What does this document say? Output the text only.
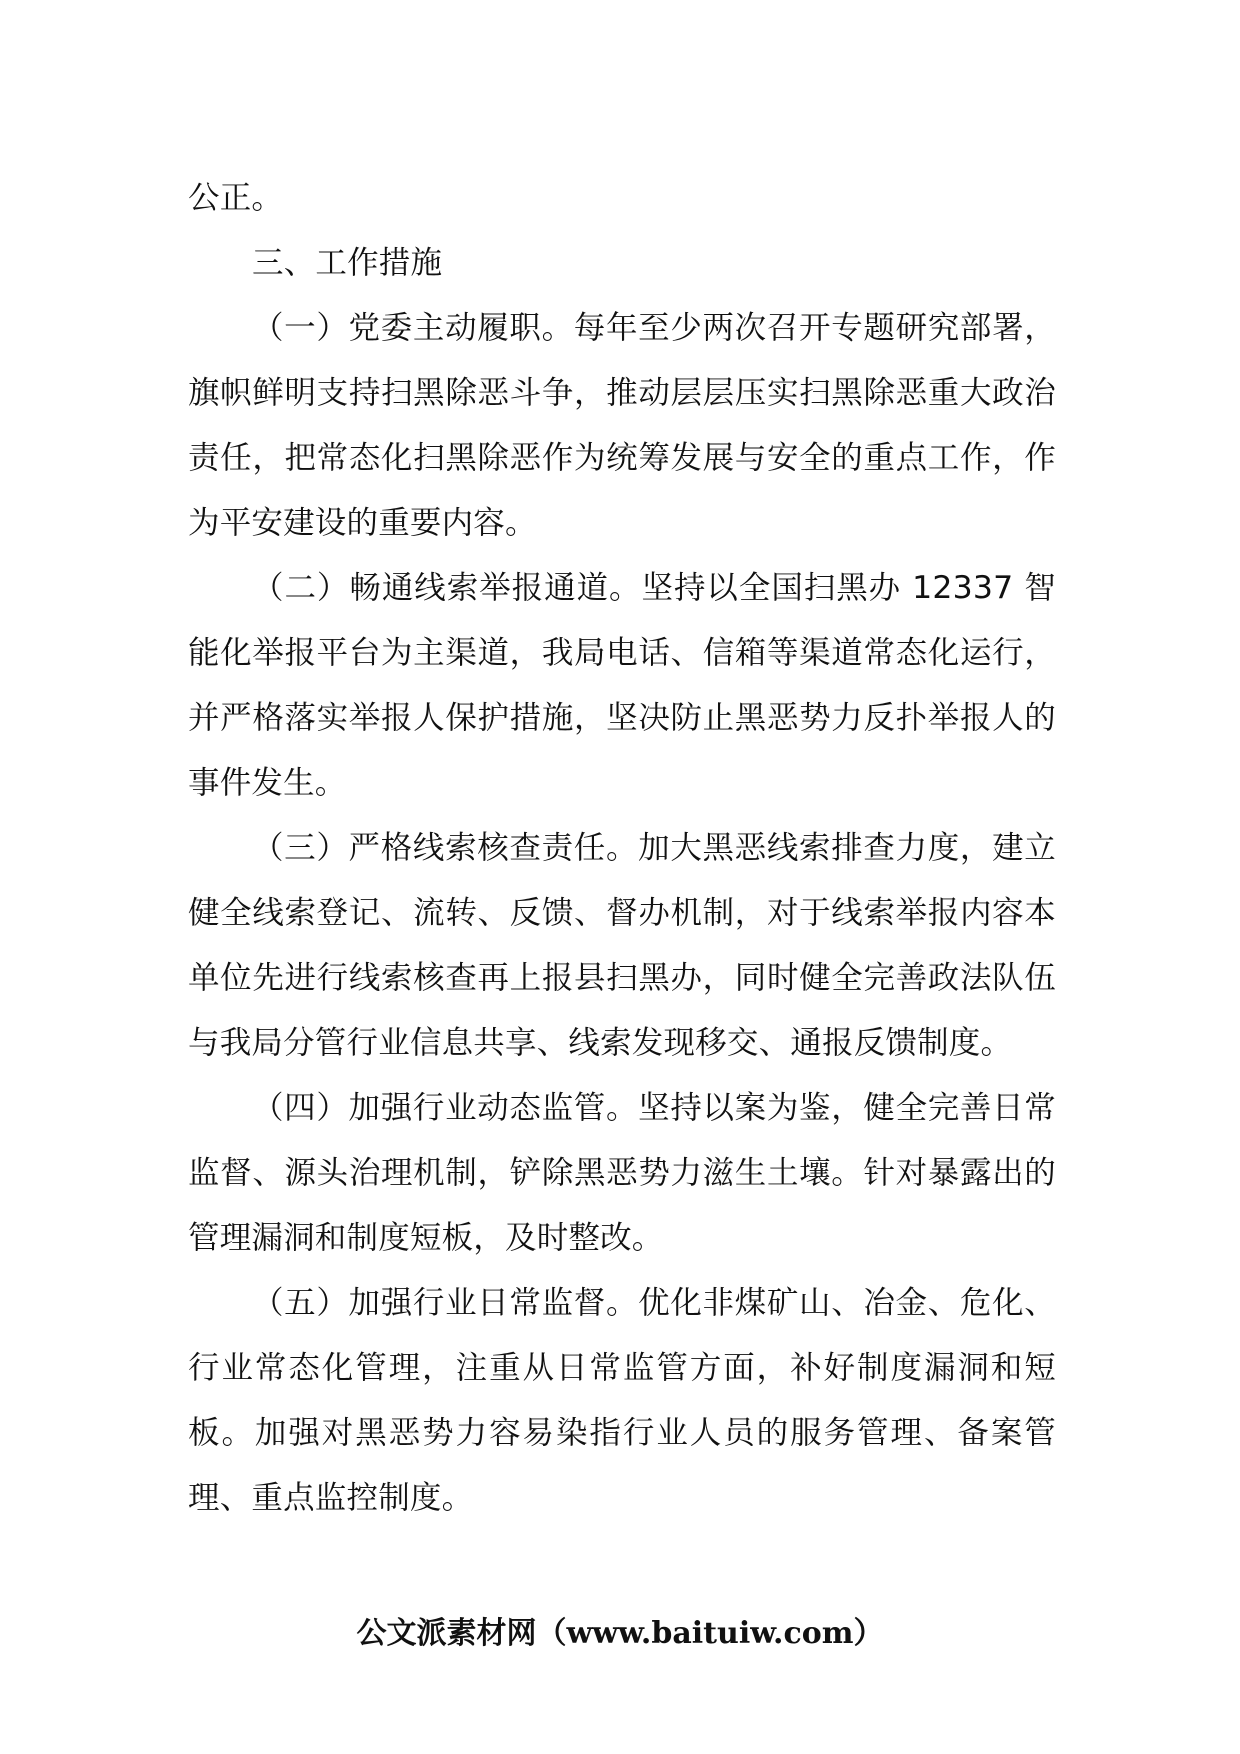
公正。

三、工作措施

（一）党委主动履职。每年至少两次召开专题研究部署，旗帜鲜明支持扫黑除恶斗争，推动层层压实扫黑除恶重大政治责任，把常态化扫黑除恶作为统筹发展与安全的重点工作，作为平安建设的重要内容。

（二）畅通线索举报通道。坚持以全国扫黑办 12337 智能化举报平台为主渠道，我局电话、信箱等渠道常态化运行，并严格落实举报人保护措施，坚决防止黑恶势力反扑举报人的事件发生。

（三）严格线索核查责任。加大黑恶线索排查力度，建立健全线索登记、流转、反馈、督办机制，对于线索举报内容本单位先进行线索核查再上报县扫黑办，同时健全完善政法队伍与我局分管行业信息共享、线索发现移交、通报反馈制度。

（四）加强行业动态监管。坚持以案为鉴，健全完善日常监督、源头治理机制，铲除黑恶势力滋生土壤。针对暴露出的管理漏洞和制度短板，及时整改。

（五）加强行业日常监督。优化非煤矿山、冶金、危化、行业常态化管理，注重从日常监管方面，补好制度漏洞和短板。加强对黑恶势力容易染指行业人员的服务管理、备案管理、重点监控制度。

公文派素材网（www.baituiw.com）
